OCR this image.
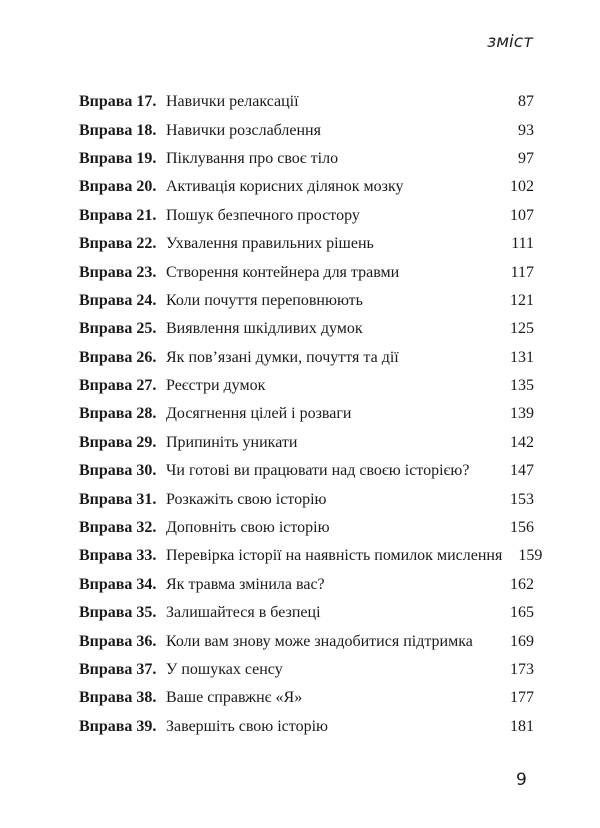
зміст
Вправа 17. Навички релаксації	87
Вправа 18. Навички розслаблення	93
Вправа 19. Піклування про своє тіло	97
Вправа 20. Активація корисних ділянок мозку	102
Вправа 21. Пошук безпечного простору	107
Вправа 22. Ухвалення правильних рішень	111
Вправа 23. Створення контейнера для травми	117
Вправа 24. Коли почуття переповнюють	121
Вправа 25. Виявлення шкідливих думок	125
Вправа 26. Як пов’язані думки, почуття та дії	131
Вправа 27. Реєстри думок	135
Вправа 28. Досягнення цілей і розваги	139
Вправа 29. Припиніть уникати	142
Вправа 30. Чи готові ви працювати над своєю історією?	147
Вправа 31. Розкажіть свою історію	153
Вправа 32. Доповніть свою історію	156
Вправа 33. Перевірка історії на наявність помилок мислення	159
Вправа 34. Як травма змінила вас?	162
Вправа 35. Залишайтеся в безпеці	165
Вправа 36. Коли вам знову може знадобитися підтримка	169
Вправа 37. У пошуках сенсу	173
Вправа 38. Ваше справжнє «Я»	177
Вправа 39. Завершіть свою історію	181
9
